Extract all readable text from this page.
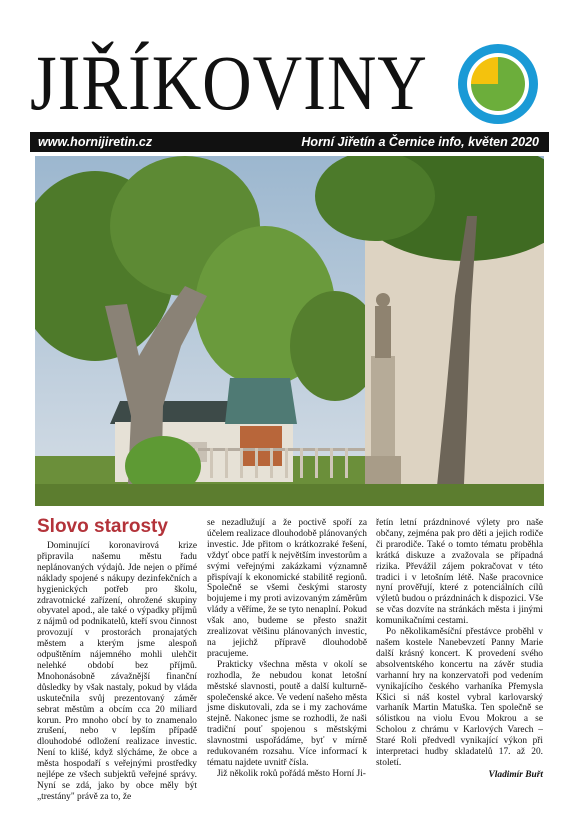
JIŘÍKOVINY
www.hornijiretin.cz	Horní Jiřetín a Černice info, květen 2020
Slovo starosty

Dominující koronavirová krize připravila našemu městu řadu neplánovaných výdajů. Jde nejen o přímé náklady spojené s nákupy dezinfekčních a hygienických potřeb pro školu, zdravotnické zařízení, ohrožené skupiny obyvatel apod., ale také o výpadky příjmů z nájmů od podnikatelů, kteří svou činnost provozují v prostorách pronajatých městem a kterým jsme alespoň odpuštěním nájemného mohli ulehčit nelehké období bez příjmů. Mnohonásobně závažnější finanční důsledky by však nastaly, pokud by vláda uskutečnila svůj prezentovaný záměr sebrat městům a obcím cca 20 miliard korun. Pro mnoho obcí by to znamenalo zrušení, nebo v lepším případě dlouhodobé odložení realizace investic. Není to klišé, když slýcháme, že obce a města hospodaří s veřejnými prostředky nejlépe ze všech subjektů veřejné správy. Nyní se zdá, jako by obce měly být „trestány" právě za to, že

se nezadlužují a že poctivě spoří za účelem realizace dlouhodobě plánovaných investic. Jde přitom o krátkozraké řešení, vždyť obce patří k největším investorům a svými veřejnými zakázkami významně přispívají k ekonomické stabilitě regionů. Společně se všemi českými starosty bojujeme i my proti avizovaným záměrům vlády a věříme, že se tyto nenaplní. Pokud však ano, budeme se přesto snažit zrealizovat většinu plánovaných investic, na jejichž přípravě dlouhodobě pracujeme.

Prakticky všechna města v okolí se rozhodla, že nebudou konat letošní městské slavnosti, poutě a další kulturně-společenské akce. Ve vedení našeho města jsme diskutovali, zda se i my zachováme stejně. Nakonec jsme se rozhodli, že naši tradiční pouť spojenou s městskými slavnostmi uspořádáme, byť v mírně redukovaném rozsahu. Více informací k tématu najdete uvnitř čísla.

Již několik roků pořádá město Horní Ji-

řetín letní prázdninové výlety pro naše občany, zejména pak pro děti a jejich rodiče či prarodiče. Také o tomto tématu proběhla krátká diskuze a zvažovala se případná rizika. Převážil zájem pokračovat v této tradici i v letošním létě. Naše pracovnice nyní prověřují, které z potenciálních cílů výletů budou o prázdninách k dispozici. Vše se včas dozvíte na stránkách města i jinými komunikačními cestami.

Po několikaměsíční přestávce proběhl v našem kostele Nanebevzetí Panny Marie další krásný koncert. K provedení svého absolventského koncertu na závěr studia varhanní hry na konzervatoři pod vedením vynikajícího českého varhaníka Přemysla Kšici si náš kostel vybral karlovarský varhaník Martin Matuška. Ten společně se sólistkou na violu Evou Mokrou a se Scholou z chrámu v Karlových Varech – Staré Roli předvedl vynikající výkon při interpretaci hudby skladatelů 17. až 20. století.

Vladimír Buřt
